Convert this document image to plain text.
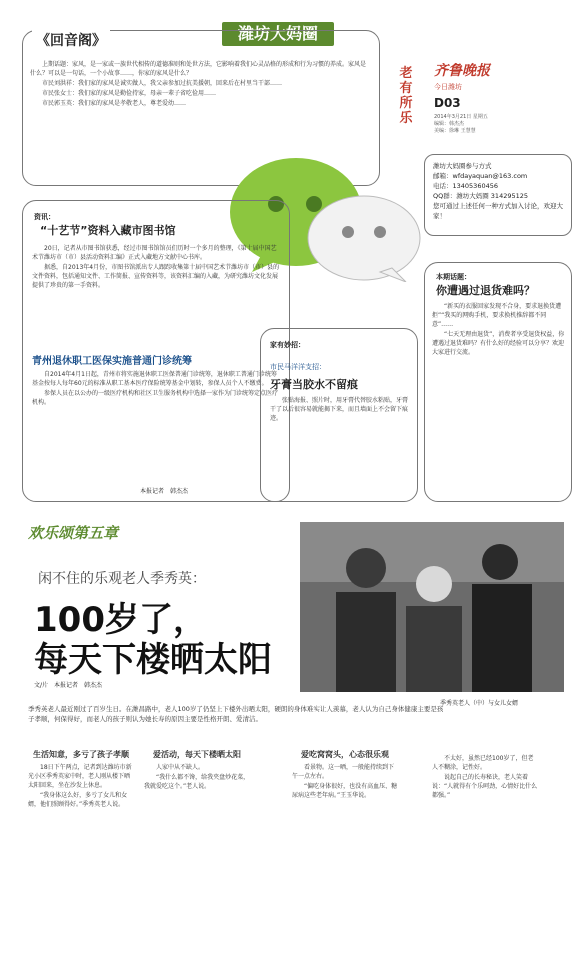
潍坊大妈圈
《回音阁》

上期话题：家风，是一家或一族世代相传的道德准则和处世方法，它影响着我们心灵品格的形成和行为习惯的养成。家风是什么？可以是一句话，一个小故事……，你家的家风是什么？

市民刘洪祥：我们家的家风是诚实做人，我父亲参加过抗美援朝，回来后在村里当干部……

市民张女士：我们家的家风是勤俭持家，母亲一辈子省吃俭用……

市民郭玉英：我们家的家风是孝敬老人，尊老爱幼……

老有所乐
齐鲁晚报
今日潍坊
D03
2014年3月21日 星期五
编辑：韩杰杰
美编：徐琳 王慧慧
潍坊大妈圈参与方式
邮箱：wfdayaquan@163.com
电话：13405360456
QQ群：潍坊大妈圈 314295125
您可通过上述任何一种方式加入讨论，欢迎大家！
资讯：
“十艺节”资料入藏市图书馆

20日，记者从市图书馆获悉，经过市图书馆馆员们历时一个多月的整理，《第十届中国艺术节潍坊市（市）县活动资料汇编》正式入藏地方文献中心书库。

据悉，自2013年4月份，市图书馆派出专人跟踪收集第十届中国艺术节潍坊市（市）县的文件资料，包括通知文件、工作简报、宣传资料等，该资料汇编的入藏，为研究潍坊文化发展提供了珍贵的第一手资料。

青州退休职工医保实施普通门诊统筹

自2014年4月1日起，青州市将实施退休职工医保普通门诊统筹，退休职工普通门诊统筹基金按每人每年60元的标准从职工基本医疗保险统筹基金中划转，参保人员个人不缴费。

参保人员在以公办的一级医疗机构和社区卫生服务机构中选择一家作为门诊统筹定点医疗机构。

本报记者　韩杰杰
家有妙招：
市民马洋洋支招：
牙膏当胶水不留痕

张贴海报、照片时，用牙膏代替胶水粘贴，牙膏干了以后很容易就能揭下来，而且墙面上不会留下痕迹。

本期话题：
你遭遇过退货难吗？

“新买的衣服回家发现不合身，要求退换货遭拒”“我买的网购手机，要求换机推辞都不同意”……

“七天无理由退货”，消费者享受退货权益，你遭遇过退货难吗？有什么好的经验可以分享？欢迎大家进行交流。

欢乐颂第五章
闲不住的乐观老人季秀英：
100岁了，
每天下楼晒太阳
文/片　本报记者　韩杰杰
季秀英老人最近刚过了百岁生日。在潍昌路中，老人100岁了仍坚上下楼外出晒太阳，硬朗的身体难实让人羡慕，老人认为自己身体健康主要是孩子孝顺，何保得好，而老人的孩子则认为她长寿的原因主要是性格开朗、爱清洁。
季秀英老人（中）与女儿女婿
生活知意，多亏了孩子孝顺

18日下午两点，记者到达潍坊市新光小区季秀英家中时，老人刚从楼下晒太阳回来，坐在沙发上休息。

“我身体这么好，多亏了女儿和女婿，他们照顾得好。”季秀英老人说。

爱活动，每天下楼晒太阳

人家中从不缺人。

“我什么都不馋，给我夹盘炒花菜，我就爱吃这个。”老人说。

爱吃窝窝头，心态很乐观

看景物。这一晒，一般能持续到下午一点左右。

“偏吃身体很好，也没有高血压、糖尿病这些老年病。”王玉华说。

不太好，虽然已经100岁了，但老人不糊涂，记性好。

说起自己的长寿秘诀，老人笑着说：“人就得有个乐呵劲，心情好比什么都强。”
